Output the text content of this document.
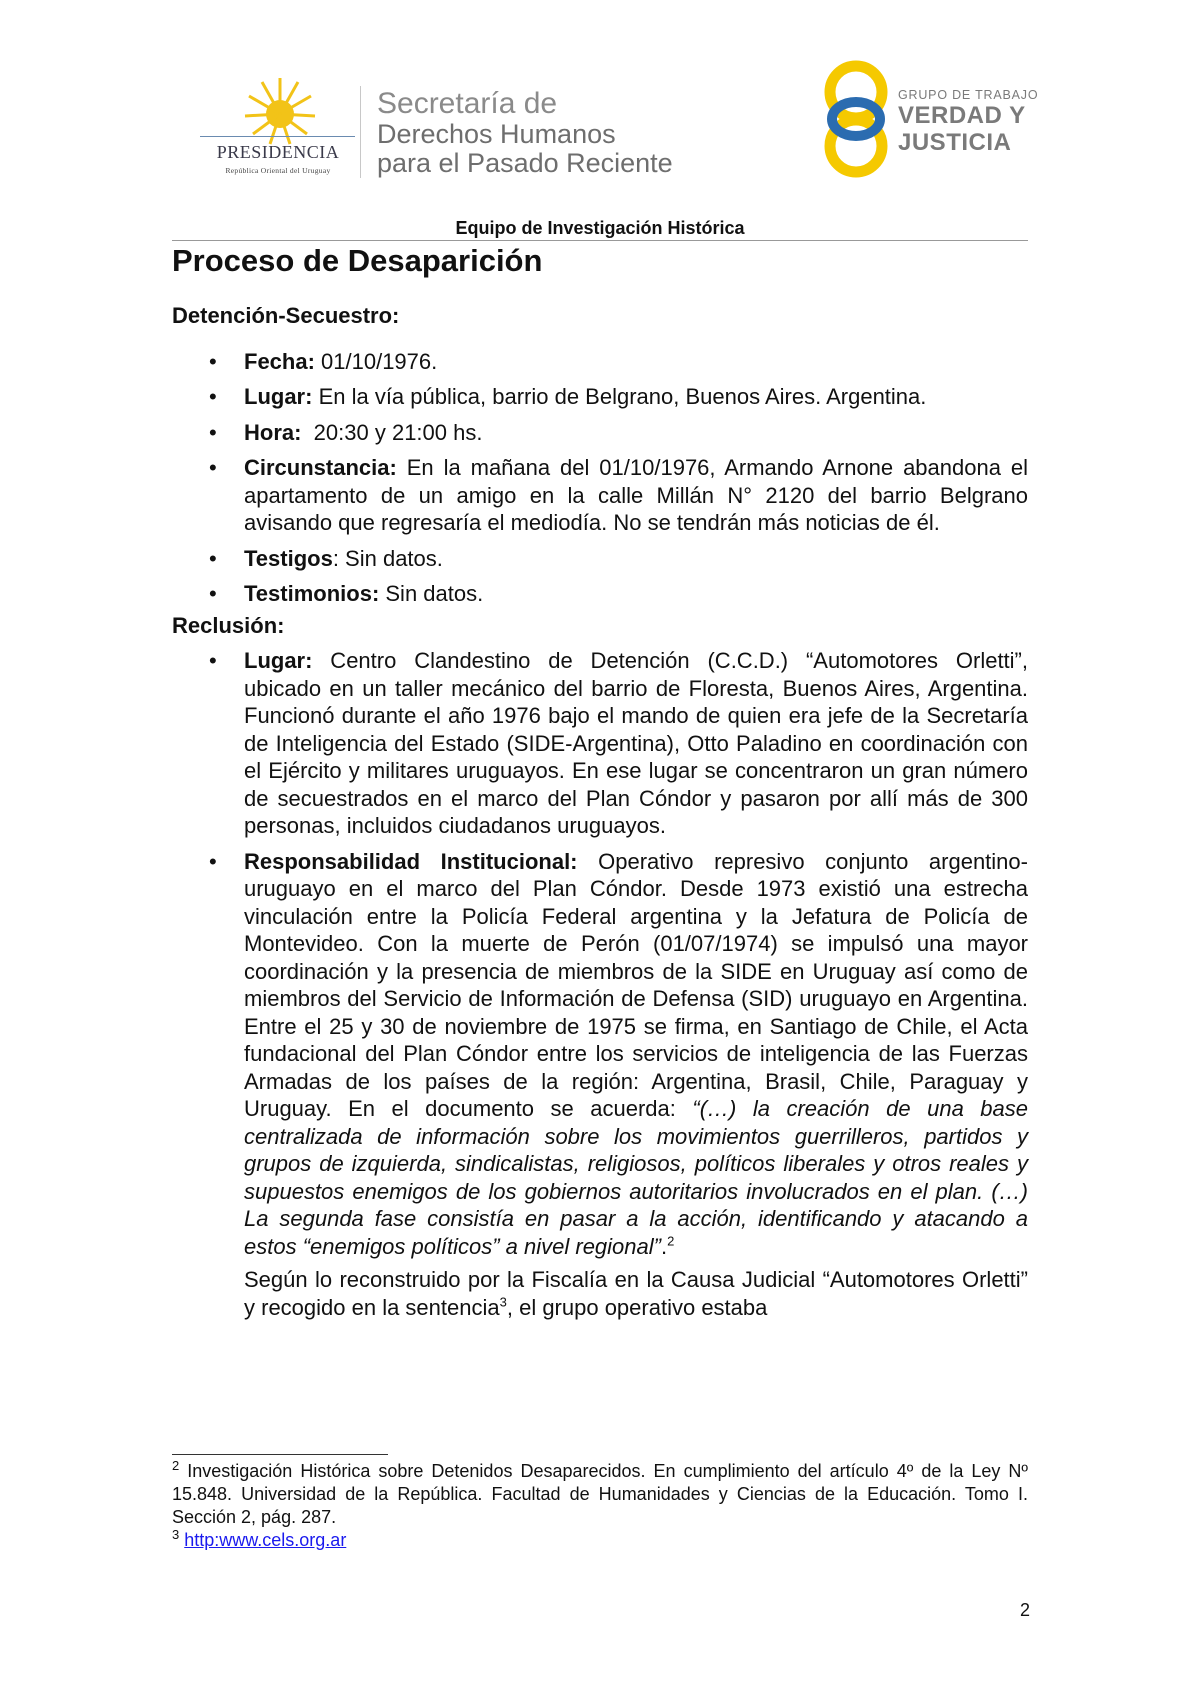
PRESIDENCIA
República Oriental del Uruguay
Secretaría de
Derechos Humanos
para el Pasado Reciente
GRUPO DE TRABAJO
VERDAD Y
JUSTICIA
Equipo de Investigación Histórica
Proceso de Desaparición

Detención-Secuestro:

• Fecha: 01/10/1976.
• Lugar: En la vía pública, barrio de Belgrano, Buenos Aires. Argentina.
• Hora:  20:30 y 21:00 hs.
• Circunstancia: En la mañana del 01/10/1976, Armando Arnone abandona el apartamento de un amigo en la calle Millán N° 2120 del barrio Belgrano avisando que regresaría el mediodía. No se tendrán más noticias de él.
• Testigos: Sin datos.
• Testimonios: Sin datos.

Reclusión:

• Lugar: Centro Clandestino de Detención (C.C.D.) “Automotores Orletti”, ubicado en un taller mecánico del barrio de Floresta, Buenos Aires, Argentina. Funcionó durante el año 1976 bajo el mando de quien era jefe de la Secretaría de Inteligencia del Estado (SIDE-Argentina), Otto Paladino en coordinación con el Ejército y militares uruguayos. En ese lugar se concentraron un gran número de secuestrados en el marco del Plan Cóndor y pasaron por allí más de 300 personas, incluidos ciudadanos uruguayos.
• Responsabilidad Institucional: Operativo represivo conjunto argentino-uruguayo en el marco del Plan Cóndor. Desde 1973 existió una estrecha vinculación entre la Policía Federal argentina y la Jefatura de Policía de Montevideo. Con la muerte de Perón (01/07/1974) se impulsó una mayor coordinación y la presencia de miembros de la SIDE en Uruguay así como de miembros del Servicio de Información de Defensa (SID) uruguayo en Argentina. Entre el 25 y 30 de noviembre de 1975 se firma, en Santiago de Chile, el Acta fundacional del Plan Cóndor entre los servicios de inteligencia de las Fuerzas Armadas de los países de la región: Argentina, Brasil, Chile, Paraguay y Uruguay. En el documento se acuerda: “(…) la creación de una base centralizada de información sobre los movimientos guerrilleros, partidos y grupos de izquierda, sindicalistas, religiosos, políticos liberales y otros reales y supuestos enemigos de los gobiernos autoritarios involucrados en el plan. (…) La segunda fase consistía en pasar a la acción, identificando y atacando a estos “enemigos políticos” a nivel regional”.$^2$

Según lo reconstruido por la Fiscalía en la Causa Judicial “Automotores Orletti” y recogido en la sentencia$^3$, el grupo operativo estaba

$^2$ Investigación Histórica sobre Detenidos Desaparecidos. En cumplimiento del artículo 4º de la Ley Nº 15.848. Universidad de la República. Facultad de Humanidades y Ciencias de la Educación. Tomo I. Sección 2, pág. 287.
$^3$ http:www.cels.org.ar
2
